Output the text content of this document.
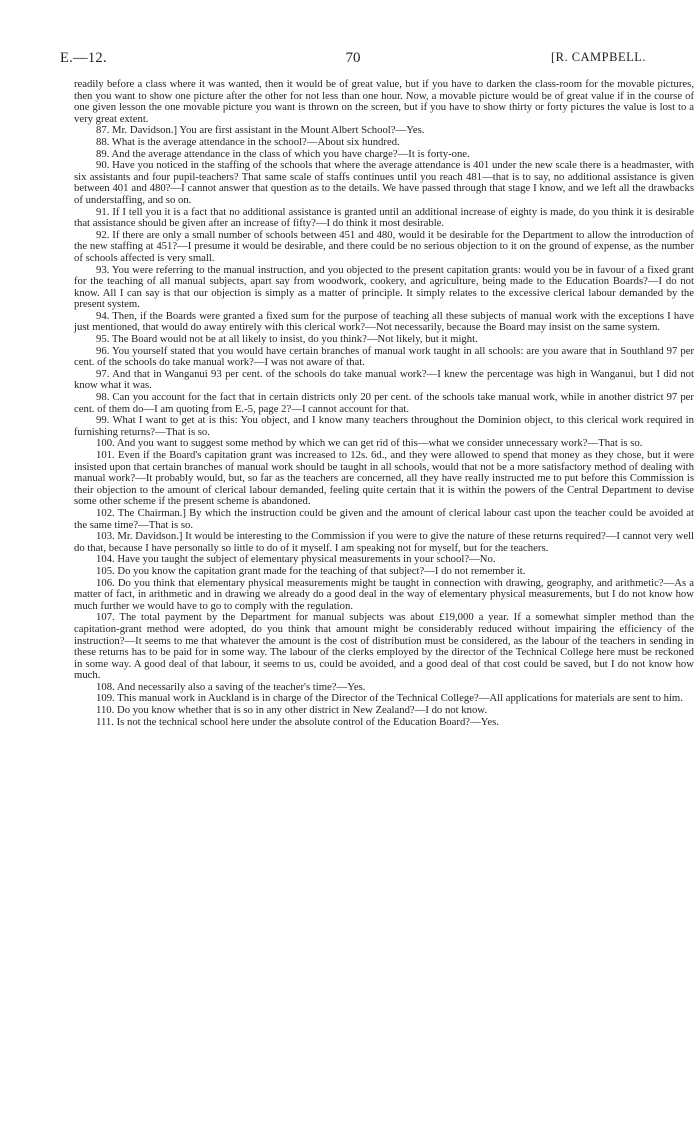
E.—12.	70	[R. CAMPBELL.

readily before a class where it was wanted, then it would be of great value, but if you have to darken the class-room for the movable pictures, then you want to show one picture after the other for not less than one hour. Now, a movable picture would be of great value if in the course of one given lesson the one movable picture you want is thrown on the screen, but if you have to show thirty or forty pictures the value is lost to a very great extent.

87. Mr. Davidson.] You are first assistant in the Mount Albert School?—Yes.

88. What is the average attendance in the school?—About six hundred.

89. And the average attendance in the class of which you have charge?—It is forty-one.

90. Have you noticed in the staffing of the schools that where the average attendance is 401 under the new scale there is a headmaster, with six assistants and four pupil-teachers? That same scale of staffs continues until you reach 481—that is to say, no additional assistance is given between 401 and 480?—I cannot answer that question as to the details. We have passed through that stage I know, and we left all the drawbacks of understaffing, and so on.

91. If I tell you it is a fact that no additional assistance is granted until an additional increase of eighty is made, do you think it is desirable that assistance should be given after an increase of fifty?—I do think it most desirable.

92. If there are only a small number of schools between 451 and 480, would it be desirable for the Department to allow the introduction of the new staffing at 451?—I presume it would be desirable, and there could be no serious objection to it on the ground of expense, as the number of schools affected is very small.

93. You were referring to the manual instruction, and you objected to the present capitation grants: would you be in favour of a fixed grant for the teaching of all manual subjects, apart say from woodwork, cookery, and agriculture, being made to the Education Boards?—I do not know. All I can say is that our objection is simply as a matter of principle. It simply relates to the excessive clerical labour demanded by the present system.

94. Then, if the Boards were granted a fixed sum for the purpose of teaching all these subjects of manual work with the exceptions I have just mentioned, that would do away entirely with this clerical work?—Not necessarily, because the Board may insist on the same system.

95. The Board would not be at all likely to insist, do you think?—Not likely, but it might.

96. You yourself stated that you would have certain branches of manual work taught in all schools: are you aware that in Southland 97 per cent. of the schools do take manual work?—I was not aware of that.

97. And that in Wanganui 93 per cent. of the schools do take manual work?—I knew the percentage was high in Wanganui, but I did not know what it was.

98. Can you account for the fact that in certain districts only 20 per cent. of the schools take manual work, while in another district 97 per cent. of them do—I am quoting from E.-5, page 2?—I cannot account for that.

99. What I want to get at is this: You object, and I know many teachers throughout the Dominion object, to this clerical work required in furnishing returns?—That is so.

100. And you want to suggest some method by which we can get rid of this—what we consider unnecessary work?—That is so.

101. Even if the Board's capitation grant was increased to 12s. 6d., and they were allowed to spend that money as they chose, but it were insisted upon that certain branches of manual work should be taught in all schools, would that not be a more satisfactory method of dealing with manual work?—It probably would, but, so far as the teachers are concerned, all they have really instructed me to put before this Commission is their objection to the amount of clerical labour demanded, feeling quite certain that it is within the powers of the Central Department to devise some other scheme if the present scheme is abandoned.

102. The Chairman.] By which the instruction could be given and the amount of clerical labour cast upon the teacher could be avoided at the same time?—That is so.

103. Mr. Davidson.] It would be interesting to the Commission if you were to give the nature of these returns required?—I cannot very well do that, because I have personally so little to do of it myself. I am speaking not for myself, but for the teachers.

104. Have you taught the subject of elementary physical measurements in your school?—No.

105. Do you know the capitation grant made for the teaching of that subject?—I do not remember it.

106. Do you think that elementary physical measurements might be taught in connection with drawing, geography, and arithmetic?—As a matter of fact, in arithmetic and in drawing we already do a good deal in the way of elementary physical measurements, but I do not know how much further we would have to go to comply with the regulation.

107. The total payment by the Department for manual subjects was about £19,000 a year. If a somewhat simpler method than the capitation-grant method were adopted, do you think that amount might be considerably reduced without impairing the efficiency of the instruction?—It seems to me that whatever the amount is the cost of distribution must be considered, as the labour of the teachers in sending in these returns has to be paid for in some way. The labour of the clerks employed by the director of the Technical College here must be reckoned in some way. A good deal of that labour, it seems to us, could be avoided, and a good deal of that cost could be saved, but I do not know how much.

108. And necessarily also a saving of the teacher's time?—Yes.

109. This manual work in Auckland is in charge of the Director of the Technical College?—All applications for materials are sent to him.

110. Do you know whether that is so in any other district in New Zealand?—I do not know.

111. Is not the technical school here under the absolute control of the Education Board?—Yes.
